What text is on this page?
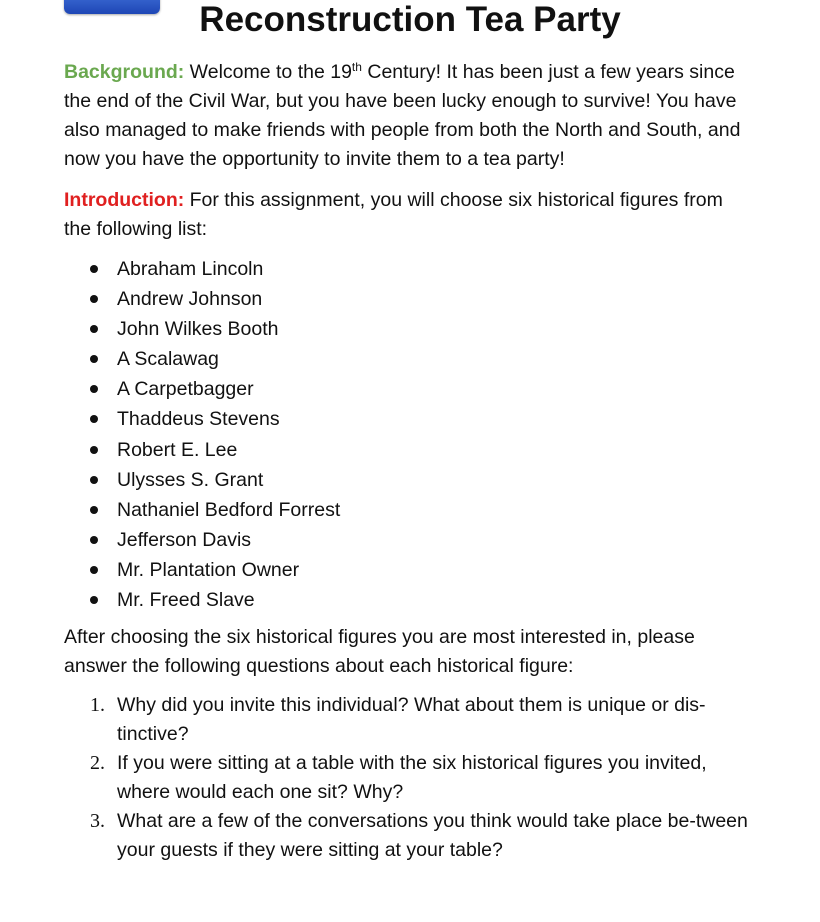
Reconstruction Tea Party

Background: Welcome to the 19th Century! It has been just a few years since the end of the Civil War, but you have been lucky enough to survive! You have also managed to make friends with people from both the North and South, and now you have the opportunity to invite them to a tea party!

Introduction: For this assignment, you will choose six historical figures from the following list:

Abraham Lincoln
Andrew Johnson
John Wilkes Booth
A Scalawag
A Carpetbagger
Thaddeus Stevens
Robert E. Lee
Ulysses S. Grant
Nathaniel Bedford Forrest
Jefferson Davis
Mr. Plantation Owner
Mr. Freed Slave

After choosing the six historical figures you are most interested in, please answer the following questions about each historical figure:

1. Why did you invite this individual? What about them is unique or dis-tinctive?
2. If you were sitting at a table with the six historical figures you invited, where would each one sit? Why?
3. What are a few of the conversations you think would take place be-tween your guests if they were sitting at your table?
